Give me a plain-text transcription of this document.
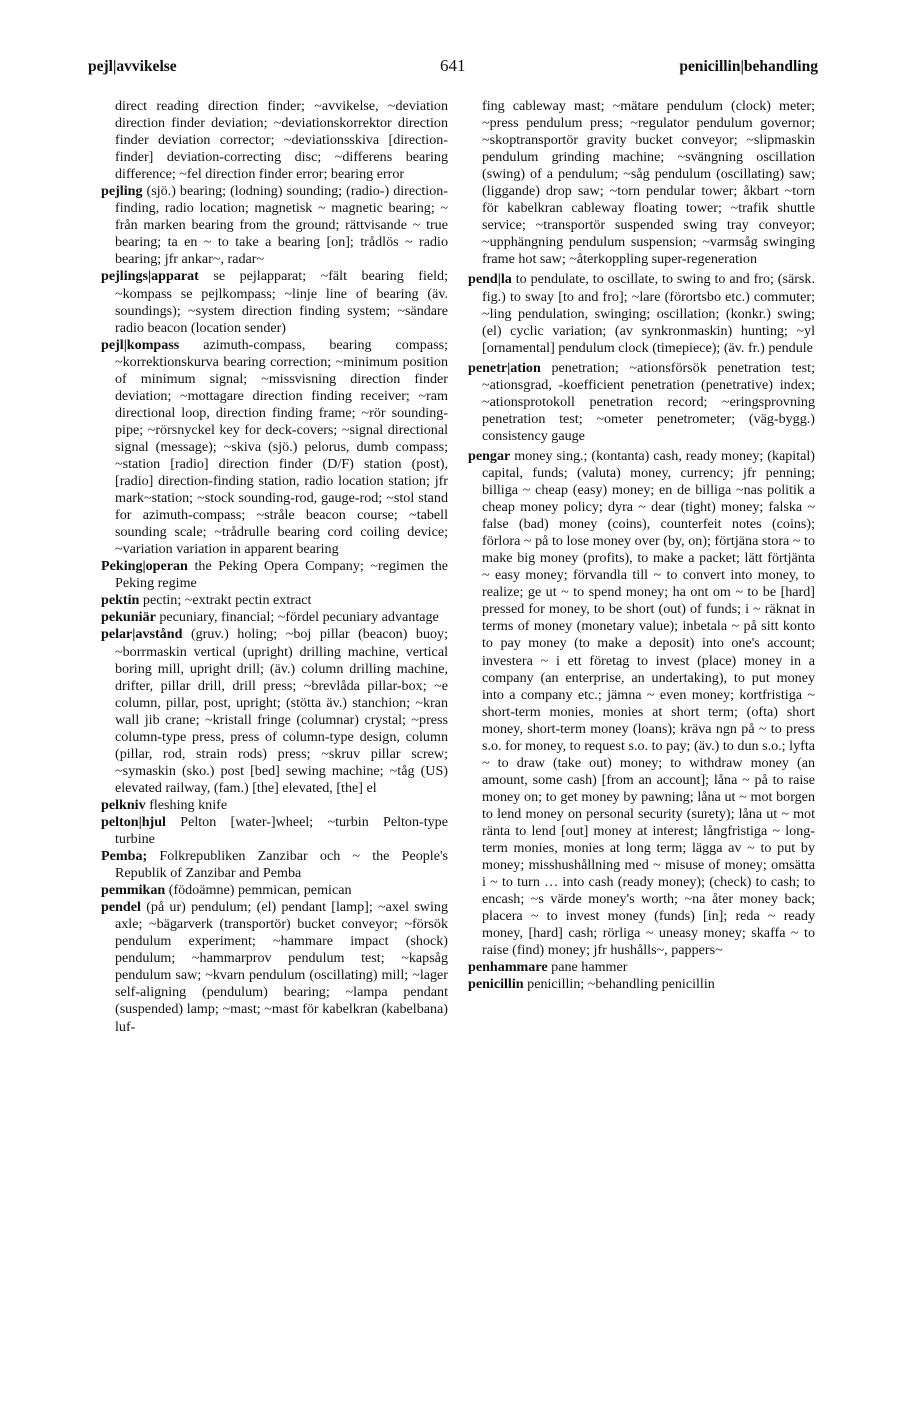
pejl|avvikelse	641	penicillin|behandling

direct reading direction finder; ~avvikelse, ~deviation direction finder deviation; ~deviationskorrektor direction finder deviation corrector; ~deviationsskiva [direction-finder] deviation-correcting disc; ~differens bearing difference; ~fel direction finder error; bearing error

pejling (sjö.) bearing; (lodning) sounding; (radio-) direction-finding, radio location; magnetisk ~ magnetic bearing; ~ från marken bearing from the ground; rättvisande ~ true bearing; ta en ~ to take a bearing [on]; trådlös ~ radio bearing; jfr ankar~, radar~

pejlings|apparat se pejlapparat; ~fält bearing field; ~kompass se pejlkompass; ~linje line of bearing (äv. soundings); ~system direction finding system; ~sändare radio beacon (location sender)

pejl|kompass azimuth-compass, bearing compass; ~korrektionskurva bearing correction; ~minimum position of minimum signal; ~missvisning direction finder deviation; ~mottagare direction finding receiver; ~ram directional loop, direction finding frame; ~rör sounding-pipe; ~rörsnyckel key for deck-covers; ~signal directional signal (message); ~skiva (sjö.) pelorus, dumb compass; ~station [radio] direction finder (D/F) station (post), [radio] direction-finding station, radio location station; jfr mark~station; ~stock sounding-rod, gauge-rod; ~stol stand for azimuth-compass; ~stråle beacon course; ~tabell sounding scale; ~trådrulle bearing cord coiling device; ~variation variation in apparent bearing

Peking|operan the Peking Opera Company; ~regimen the Peking regime

pektin pectin; ~extrakt pectin extract

pekuniär pecuniary, financial; ~fördel pecuniary advantage

pelar|avstånd (gruv.) holing; ~boj pillar (beacon) buoy; ~borrmaskin vertical (upright) drilling machine, vertical boring mill, upright drill; (äv.) column drilling machine, drifter, pillar drill, drill press; ~brevlåda pillar-box; ~e column, pillar, post, upright; (stötta äv.) stanchion; ~kran wall jib crane; ~kristall fringe (columnar) crystal; ~press column-type press, press of column-type design, column (pillar, rod, strain rods) press; ~skruv pillar screw; ~symaskin (sko.) post [bed] sewing machine; ~tåg (US) elevated railway, (fam.) [the] elevated, [the] el

pelkniv fleshing knife

pelton|hjul Pelton [water-]wheel; ~turbin Pelton-type turbine

Pemba; Folkrepubliken Zanzibar och ~ the People's Republik of Zanzibar and Pemba

pemmikan (födoämne) pemmican, pemican

pendel (på ur) pendulum; (el) pendant [lamp]; ~axel swing axle; ~bägarverk (transportör) bucket conveyor; ~försök pendulum experiment; ~hammare impact (shock) pendulum; ~hammarprov pendulum test; ~kapsåg pendulum saw; ~kvarn pendulum (oscillating) mill; ~lager self-aligning (pendulum) bearing; ~lampa pendant (suspended) lamp; ~mast; ~mast för kabelkran (kabelbana) luf-

fing cableway mast; ~mätare pendulum (clock) meter; ~press pendulum press; ~regulator pendulum governor; ~skoptransportör gravity bucket conveyor; ~slipmaskin pendulum grinding machine; ~svängning oscillation (swing) of a pendulum; ~såg pendulum (oscillating) saw; (liggande) drop saw; ~torn pendular tower; åkbart ~torn för kabelkran cableway floating tower; ~trafik shuttle service; ~transportör suspended swing tray conveyor; ~upphängning pendulum suspension; ~varmsåg swinging frame hot saw; ~återkoppling super-regeneration

pend|la to pendulate, to oscillate, to swing to and fro; (särsk. fig.) to sway [to and fro]; ~lare (förortsbo etc.) commuter; ~ling pendulation, swinging; oscillation; (konkr.) swing; (el) cyclic variation; (av synkronmaskin) hunting; ~yl [ornamental] pendulum clock (timepiece); (äv. fr.) pendule

penetr|ation penetration; ~ationsförsök penetration test; ~ationsgrad, -koefficient penetration (penetrative) index; ~ationsprotokoll penetration record; ~eringsprovning penetration test; ~ometer penetrometer; (väg-bygg.) consistency gauge

pengar money sing.; (kontanta) cash, ready money; (kapital) capital, funds; (valuta) money, currency; jfr penning; billiga ~ cheap (easy) money; en de billiga ~nas politik a cheap money policy; dyra ~ dear (tight) money; falska ~ false (bad) money (coins), counterfeit notes (coins); förlora ~ på to lose money over (by, on); förtjäna stora ~ to make big money (profits), to make a packet; lätt förtjänta ~ easy money; förvandla till ~ to convert into money, to realize; ge ut ~ to spend money; ha ont om ~ to be [hard] pressed for money, to be short (out) of funds; i ~ räknat in terms of money (monetary value); inbetala ~ på sitt konto to pay money (to make a deposit) into one's account; investera ~ i ett företag to invest (place) money in a company (an enterprise, an undertaking), to put money into a company etc.; jämna ~ even money; kortfristiga ~ short-term monies, monies at short term; (ofta) short money, short-term money (loans); kräva ngn på ~ to press s.o. for money, to request s.o. to pay; (äv.) to dun s.o.; lyfta ~ to draw (take out) money; to withdraw money (an amount, some cash) [from an account]; låna ~ på to raise money on; to get money by pawning; låna ut ~ mot borgen to lend money on personal security (surety); låna ut ~ mot ränta to lend [out] money at interest; långfristiga ~ long-term monies, monies at long term; lägga av ~ to put by money; misshushållning med ~ misuse of money; omsätta i ~ to turn … into cash (ready money); (check) to cash; to encash; ~s värde money's worth; ~na åter money back; placera ~ to invest money (funds) [in]; reda ~ ready money, [hard] cash; rörliga ~ uneasy money; skaffa ~ to raise (find) money; jfr hushålls~, pappers~

penhammare pane hammer

penicillin penicillin; ~behandling penicillin
